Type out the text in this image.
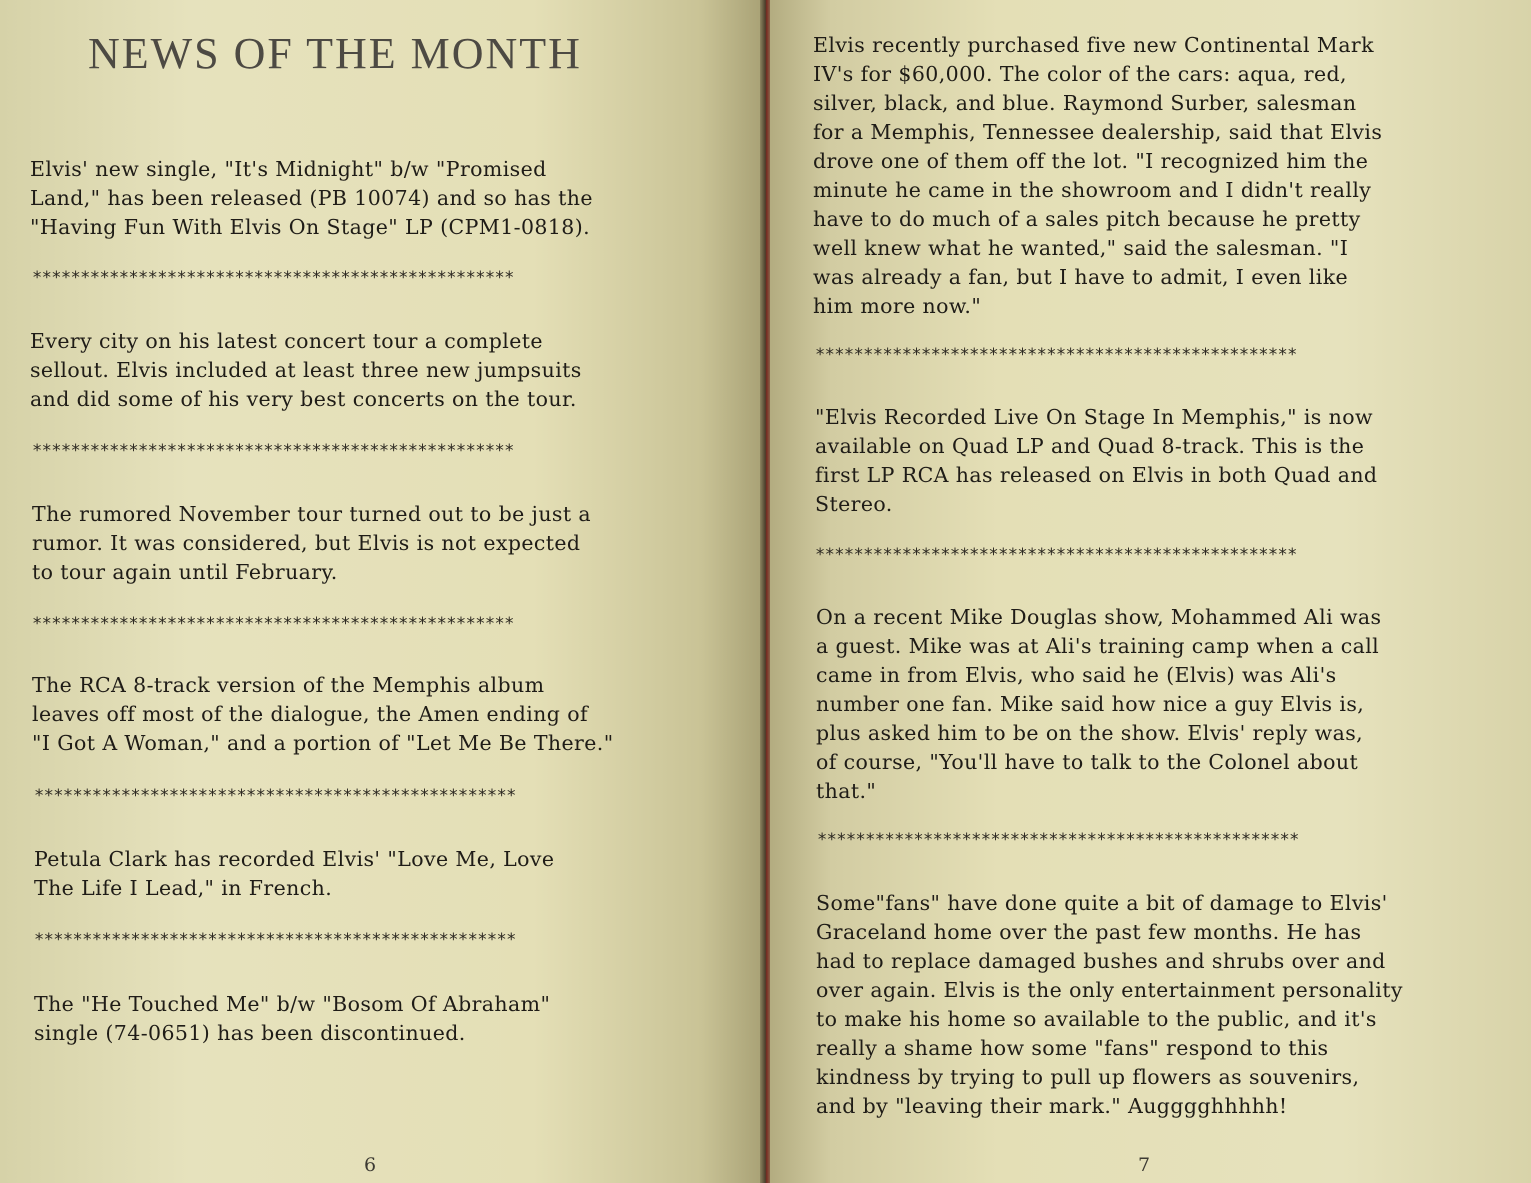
NEWS OF THE MONTH

Elvis' new single, "It's Midnight" b/w "Promised
Land," has been released (PB 10074) and so has the
"Having Fun With Elvis On Stage" LP (CPM1-0818).

**************************************************

Every city on his latest concert tour a complete
sellout. Elvis included at least three new jumpsuits
and did some of his very best concerts on the tour.

**************************************************

The rumored November tour turned out to be just a
rumor. It was considered, but Elvis is not expected
to tour again until February.

**************************************************

The RCA 8-track version of the Memphis album
leaves off most of the dialogue, the Amen ending of
"I Got A Woman," and a portion of "Let Me Be There."

**************************************************

Petula Clark has recorded Elvis' "Love Me, Love
The Life I Lead," in French.

**************************************************

The "He Touched Me" b/w "Bosom Of Abraham"
single (74-0651) has been discontinued.

6

Elvis recently purchased five new Continental Mark
IV's for $60,000. The color of the cars: aqua, red,
silver, black, and blue. Raymond Surber, salesman
for a Memphis, Tennessee dealership, said that Elvis
drove one of them off the lot. "I recognized him the
minute he came in the showroom and I didn't really
have to do much of a sales pitch because he pretty
well knew what he wanted," said the salesman. "I
was already a fan, but I have to admit, I even like
him more now."

**************************************************

"Elvis Recorded Live On Stage In Memphis," is now
available on Quad LP and Quad 8-track. This is the
first LP RCA has released on Elvis in both Quad and
Stereo.

**************************************************

On a recent Mike Douglas show, Mohammed Ali was
a guest. Mike was at Ali's training camp when a call
came in from Elvis, who said he (Elvis) was Ali's
number one fan. Mike said how nice a guy Elvis is,
plus asked him to be on the show. Elvis' reply was,
of course, "You'll have to talk to the Colonel about
that."

**************************************************

Some"fans" have done quite a bit of damage to Elvis'
Graceland home over the past few months. He has
had to replace damaged bushes and shrubs over and
over again. Elvis is the only entertainment personality
to make his home so available to the public, and it's
really a shame how some "fans" respond to this
kindness by trying to pull up flowers as souvenirs,
and by "leaving their mark." Augggghhhhh!

7
